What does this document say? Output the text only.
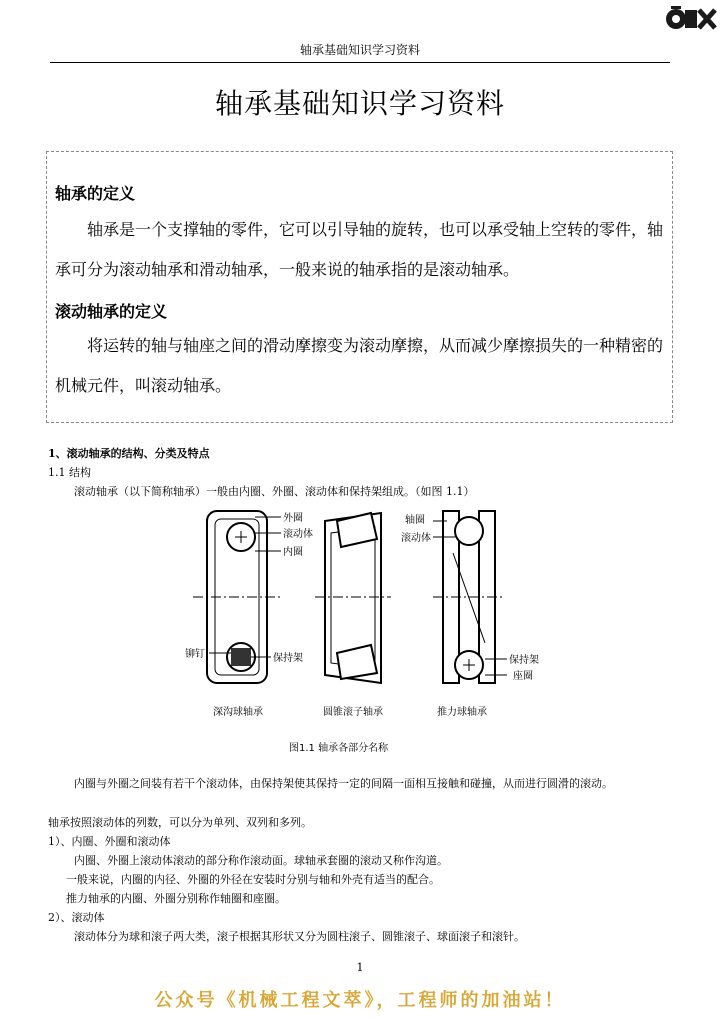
轴承基础知识学习资料
轴承基础知识学习资料
轴承的定义
轴承是一个支撑轴的零件，它可以引导轴的旋转，也可以承受轴上空转的零件，轴承可分为滚动轴承和滑动轴承，一般来说的轴承指的是滚动轴承。
滚动轴承的定义
将运转的轴与轴座之间的滑动摩擦变为滚动摩擦，从而减少摩擦损失的一种精密的机械元件，叫滚动轴承。
1、滚动轴承的结构、分类及特点
1.1 结构
滚动轴承（以下简称轴承）一般由内圈、外圈、滚动体和保持架组成。（如图 1.1）
外圈
滚动体
内圈
铆钉	保持架
轴圈
滚动体
保持架
座圈
深沟球轴承	圆锥滚子轴承	推力球轴承
图1.1 轴承各部分名称
内圈与外圈之间装有若干个滚动体，由保持架使其保持一定的间隔一面相互接触和碰撞，从而进行圆滑的滚动。
轴承按照滚动体的列数，可以分为单列、双列和多列。
1）、内圈、外圈和滚动体
内圈、外圈上滚动体滚动的部分称作滚动面。球轴承套圈的滚动又称作沟道。
一般来说，内圈的内径、外圈的外径在安装时分别与轴和外壳有适当的配合。
推力轴承的内圈、外圈分别称作轴圈和座圈。
2）、滚动体
滚动体分为球和滚子两大类，滚子根据其形状又分为圆柱滚子、圆锥滚子、球面滚子和滚针。
1
公众号《机械工程文萃》，工程师的加油站！
